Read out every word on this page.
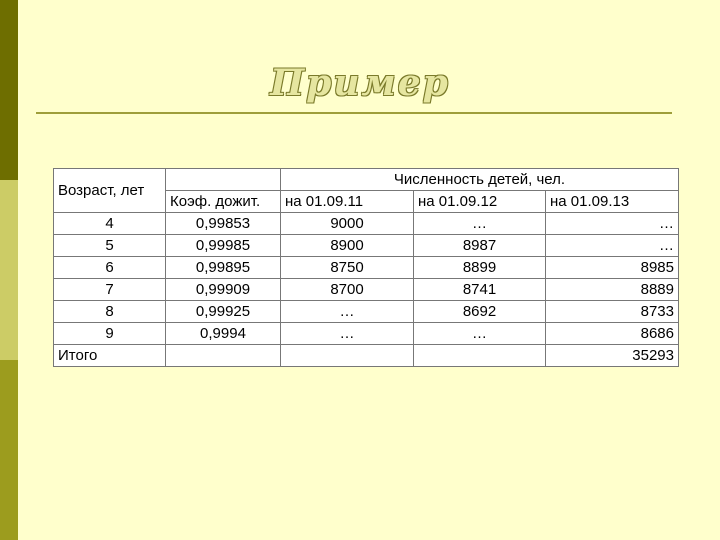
Пример
Возраст, лет		Численность детей, чел.		
	Коэф. дожит.	на 01.09.11	на 01.09.12	на 01.09.13
4	0,99853	9000	…	…
5	0,99985	8900	8987	…
6	0,99895	8750	8899	8985
7	0,99909	8700	8741	8889
8	0,99925	…	8692	8733
9	0,9994	…	…	8686
Итого				35293
